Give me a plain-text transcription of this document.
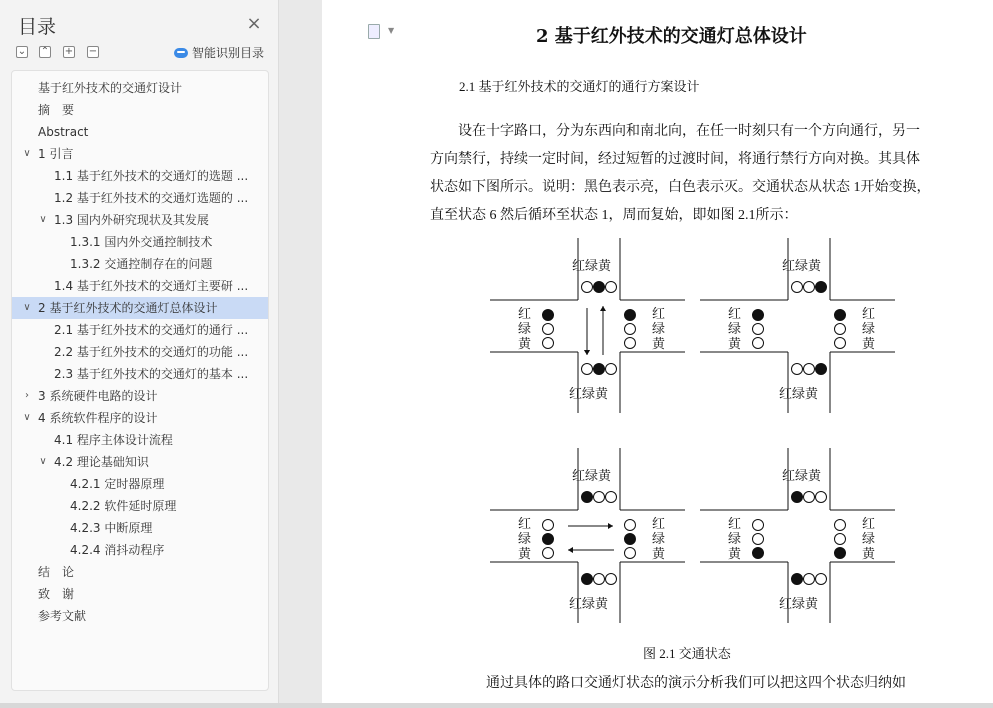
目录	×
⌄ ⌃ + −	智能识别目录
基于红外技术的交通灯设计
摘　要
Abstract
∨ 1 引言
1.1 基于红外技术的交通灯的选题 ...
1.2 基于红外技术的交通灯选题的 ...
∨ 1.3 国内外研究现状及其发展
1.3.1 国内外交通控制技术
1.3.2 交通控制存在的问题
1.4 基于红外技术的交通灯主要研 ...
∨ 2 基于红外技术的交通灯总体设计
2.1 基于红外技术的交通灯的通行 ...
2.2 基于红外技术的交通灯的功能 ...
2.3 基于红外技术的交通灯的基本 ...
› 3 系统硬件电路的设计
∨ 4 系统软件程序的设计
4.1 程序主体设计流程
∨ 4.2 理论基础知识
4.2.1 定时器原理
4.2.2 软件延时原理
4.2.3 中断原理
4.2.4 消抖动程序
结　论
致　谢
参考文献
▼	2 基于红外技术的交通灯总体设计
2.1 基于红外技术的交通灯的通行方案设计
设在十字路口，分为东西向和南北向，在任一时刻只有一个方向通行，另一
方向禁行，持续一定时间，经过短暂的过渡时间，将通行禁行方向对换。其具体
状态如下图所示。说明：黑色表示亮，白色表示灭。交通状态从状态 1开始变换，
直至状态 6 然后循环至状态 1，周而复始，即如图 2.1所示：
红绿黄
红绿黄
红	红
绿	绿
黄	黄
红绿黄
红绿黄
红	红
绿	绿
黄	黄
红绿黄
红绿黄
红	红
绿	绿
黄	黄
红绿黄
红绿黄
红	红
绿	绿
黄	黄
图 2.1 交通状态
通过具体的路口交通灯状态的演示分析我们可以把这四个状态归纳如
